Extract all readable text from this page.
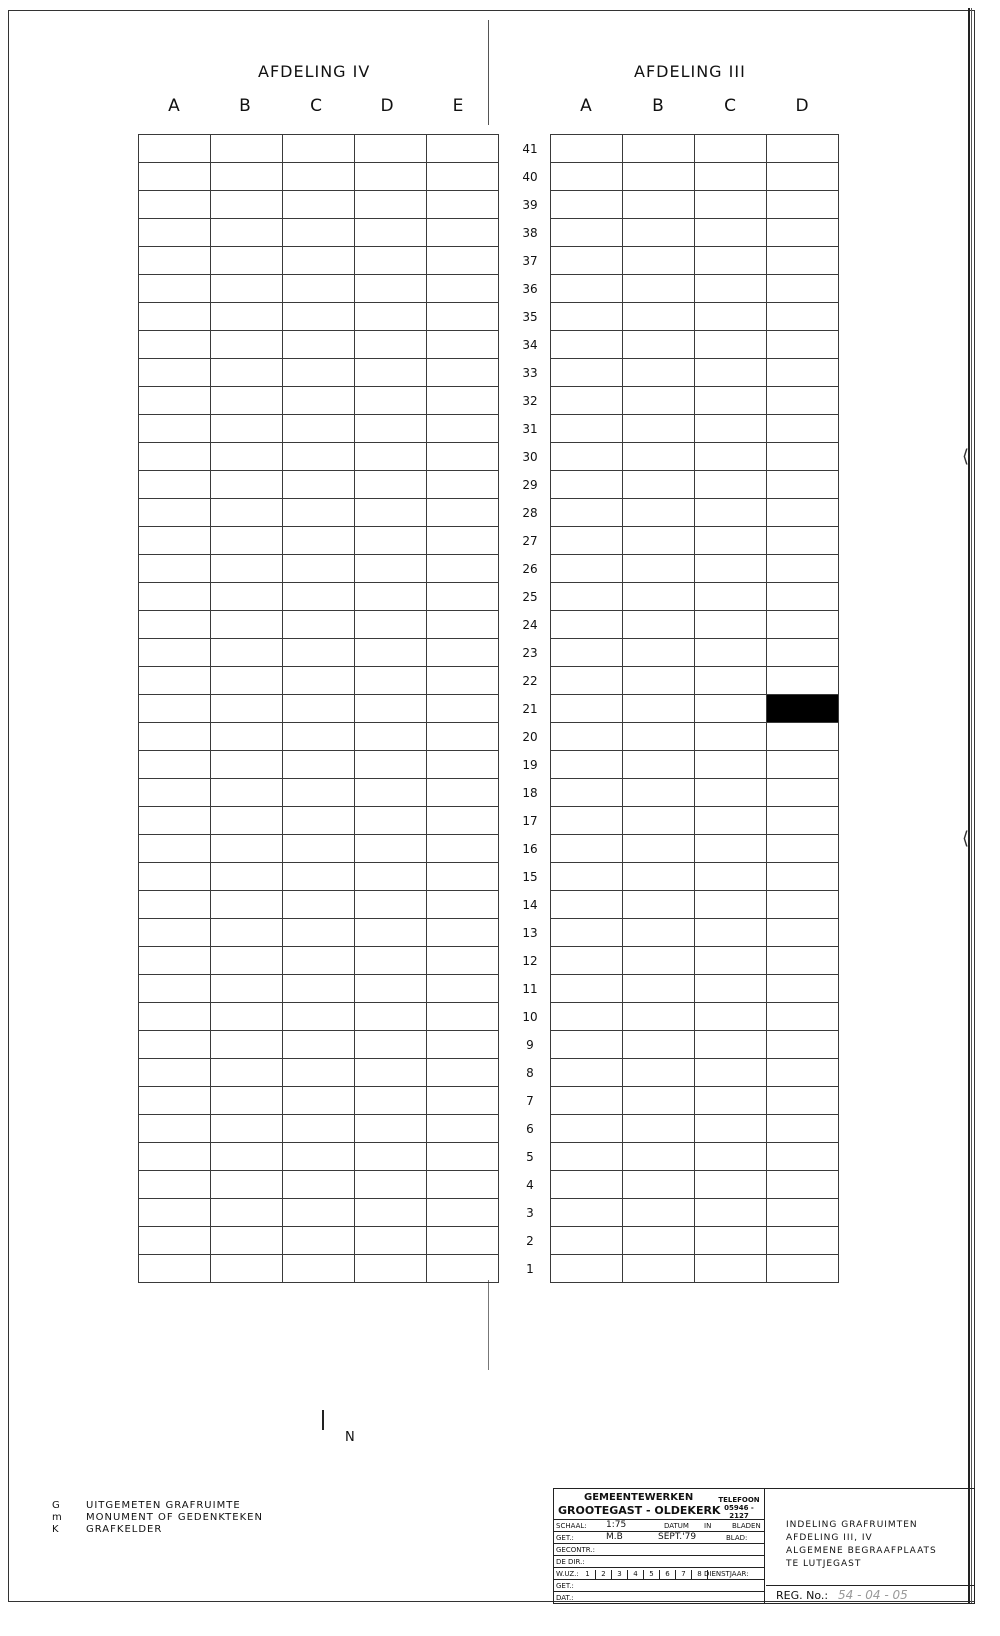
AFDELING IV	AFDELING III
A	B	C	D	E	A	B	C	D

41
40
39
38
37
36
35
34
33
32
31
30
29
28
27
26
25
24
23
22
21
20
19
18
17
16
15
14
13
12
11
10
9
8
7
6
5
4
3
2
1
⟨
⟨
N
G	UITGEMETEN GRAFRUIMTE
m	MONUMENT OF GEDENKTEKEN
K	GRAFKELDER
GEMEENTEWERKEN
GROOTEGAST - OLDEKERK
TELEFOON
05946 - 2127
SCHAAL: 1:75	DATUM IN	BLADEN
GET.:	M.B	SEPT.'79	BLAD:
GECONTR.:
DE DIR.:
W.UZ.: 1	2	3	4	5	6	7	8 DIENSTJAAR:
GET.:
DAT.:
INDELING GRAFRUIMTEN
AFDELING III, IV
ALGEMENE BEGRAAFPLAATS
TE LUTJEGAST
REG. No.: 54 - 04 - 05
